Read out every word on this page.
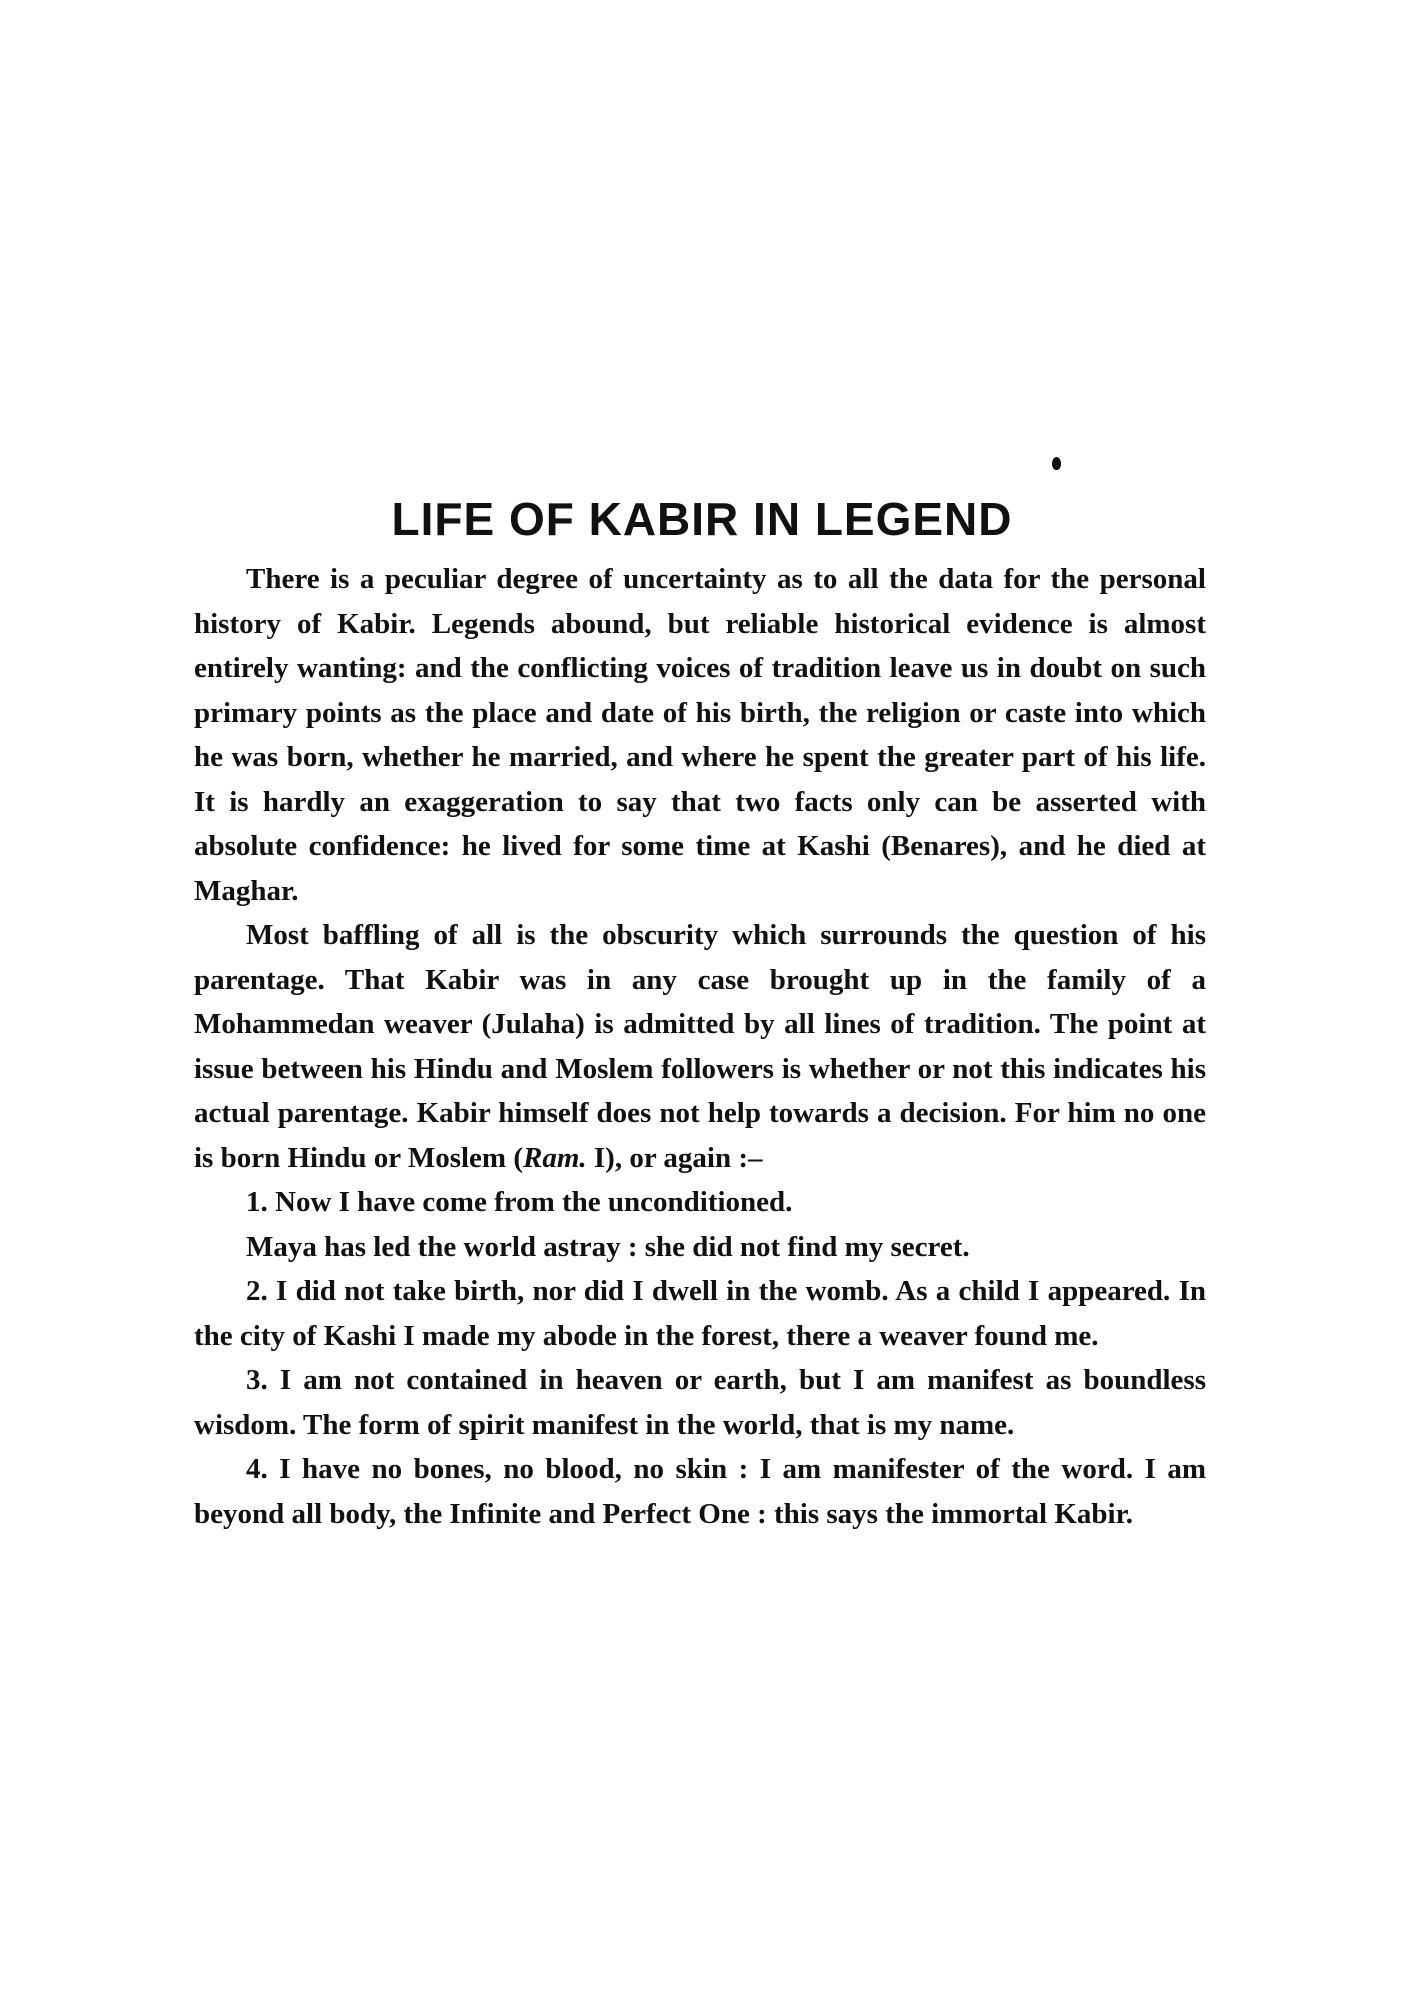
LIFE OF KABIR IN LEGEND

There is a peculiar degree of uncertainty as to all the data for the personal history of Kabir. Legends abound, but reliable historical evidence is almost entirely wanting: and the conflicting voices of tradition leave us in doubt on such primary points as the place and date of his birth, the religion or caste into which he was born, whether he married, and where he spent the greater part of his life. It is hardly an exaggeration to say that two facts only can be asserted with absolute confidence: he lived for some time at Kashi (Benares), and he died at Maghar.

Most baffling of all is the obscurity which surrounds the question of his parentage. That Kabir was in any case brought up in the family of a Mohammedan weaver (Julaha) is admitted by all lines of tradition. The point at issue between his Hindu and Moslem followers is whether or not this indicates his actual parentage. Kabir himself does not help towards a decision. For him no one is born Hindu or Moslem (Ram. I), or again :–

1. Now I have come from the unconditioned.

Maya has led the world astray : she did not find my secret.

2. I did not take birth, nor did I dwell in the womb. As a child I appeared. In the city of Kashi I made my abode in the forest, there a weaver found me.

3. I am not contained in heaven or earth, but I am manifest as boundless wisdom. The form of spirit manifest in the world, that is my name.

4. I have no bones, no blood, no skin : I am manifester of the word. I am beyond all body, the Infinite and Perfect One : this says the immortal Kabir.
